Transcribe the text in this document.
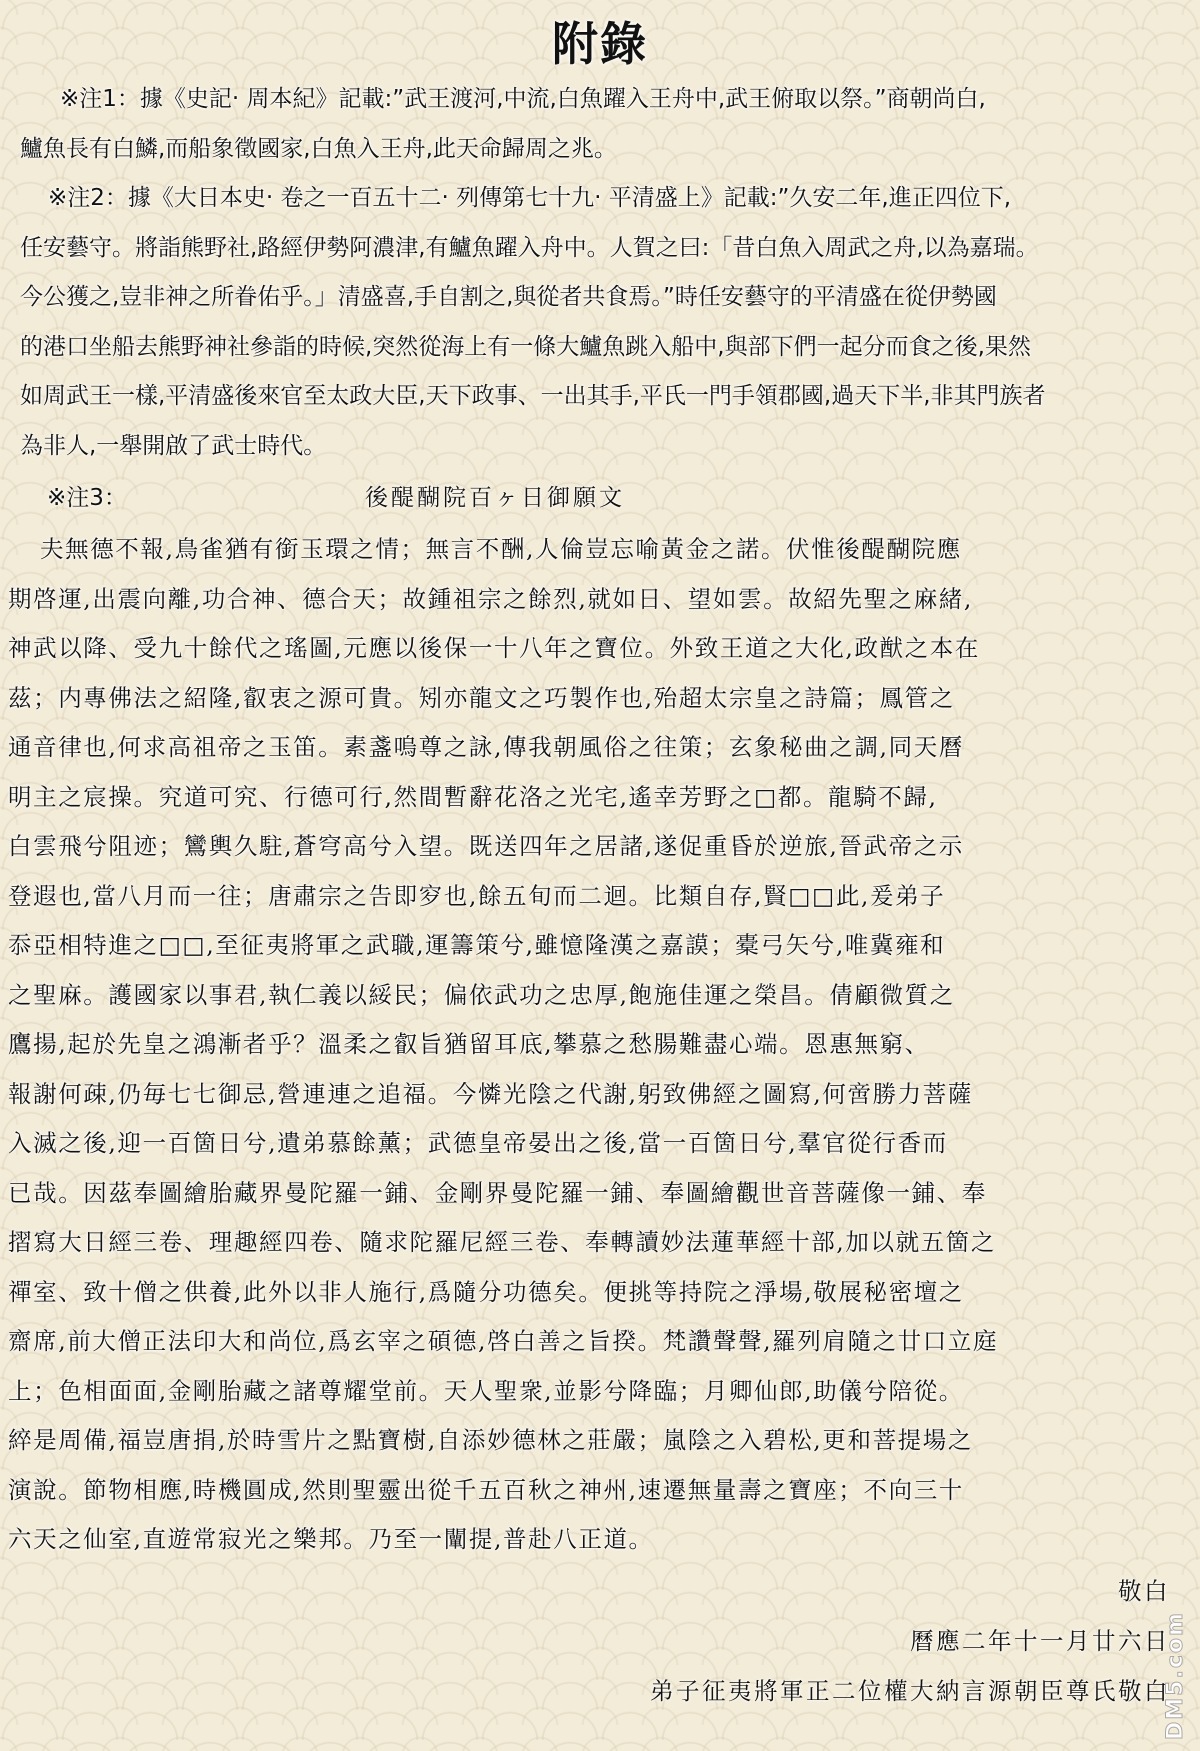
附錄
※注1：據《史記‧ 周本紀》記載:”武王渡河,中流,白魚躍入王舟中,武王俯取以祭。”商朝尚白,
鱸魚長有白鱗,而船象徵國家,白魚入王舟,此天命歸周之兆。
※注2：據《大日本史‧ 卷之一百五十二‧ 列傳第七十九‧ 平清盛上》記載:”久安二年,進正四位下,
任安藝守。將詣熊野社,路經伊勢阿濃津,有鱸魚躍入舟中。人賀之曰:「昔白魚入周武之舟,以為嘉瑞。
今公獲之,豈非神之所眷佑乎。」清盛喜,手自割之,與從者共食焉。”時任安藝守的平清盛在從伊勢國
的港口坐船去熊野神社參詣的時候,突然從海上有一條大鱸魚跳入船中,與部下們一起分而食之後,果然
如周武王一樣,平清盛後來官至太政大臣,天下政事、一出其手,平氏一門手領郡國,過天下半,非其門族者
為非人,一舉開啟了武士時代。
※注3：	後醍醐院百ヶ日御願文
夫無德不報,鳥雀猶有銜玉環之情；無言不酬,人倫豈忘喻黃金之諾。伏惟後醍醐院應
期啓運,出震向離,功合神、德合天；故鍾祖宗之餘烈,就如日、望如雲。故紹先聖之麻緒,
神武以降、受九十餘代之瑤圖,元應以後保一十八年之寶位。外致王道之大化,政猷之本在
茲；内專佛法之紹隆,叡衷之源可貴。矧亦龍文之巧製作也,殆超太宗皇之詩篇；鳳管之
通音律也,何求高祖帝之玉笛。素盞嗚尊之詠,傳我朝風俗之往策；玄象秘曲之調,同天曆
明主之宸操。究道可究、行德可行,然間暫辭花洛之光宅,遙幸芳野之□都。龍騎不歸,
白雲飛兮阻迹；鸞輿久駐,蒼穹高兮入望。既送四年之居諸,遂促重昏於逆旅,晉武帝之示
登遐也,當八月而一往；唐肅宗之告即穸也,餘五旬而二迴。比類自存,賢□□此,爰弟子
忝亞相特進之□□,至征夷將軍之武職,運籌策兮,雖憶隆漢之嘉謨；橐弓矢兮,唯冀雍和
之聖麻。護國家以事君,執仁義以綏民；偏依武功之忠厚,飽施佳運之榮昌。倩顧微質之
鷹揚,起於先皇之鴻漸者乎？溫柔之叡旨猶留耳底,攀慕之愁腸難盡心端。恩惠無窮、
報謝何疎,仍毎七七御忌,營連連之追福。今憐光陰之代謝,躬致佛經之圖寫,何啻勝力菩薩
入滅之後,迎一百箇日兮,遺弟慕餘薰；武德皇帝晏出之後,當一百箇日兮,羣官從行香而
已哉。因茲奉圖繪胎藏界曼陀羅一鋪、金剛界曼陀羅一鋪、奉圖繪觀世音菩薩像一鋪、奉
摺寫大日經三卷、理趣經四卷、隨求陀羅尼經三卷、奉轉讀妙法蓮華經十部,加以就五箇之
禪室、致十僧之供養,此外以非人施行,爲隨分功德矣。便挑等持院之淨場,敬展秘密壇之
齋席,前大僧正法印大和尚位,爲玄宰之碩德,啓白善之旨揆。梵讚聲聲,羅列肩隨之廿口立庭
上；色相面面,金剛胎藏之諸尊耀堂前。天人聖衆,並影兮降臨；月卿仙郎,助儀兮陪從。
綷是周備,福豈唐捐,於時雪片之點寶樹,自添妙德林之莊嚴；嵐陰之入碧松,更和菩提場之
演說。節物相應,時機圓成,然則聖靈出從千五百秋之神州,速遷無量壽之寶座；不向三十
六天之仙室,直遊常寂光之樂邦。乃至一闡提,普赴八正道。
敬白
曆應二年十一月廿六日
弟子征夷將軍正二位權大納言源朝臣尊氏敬白
DM5.com
